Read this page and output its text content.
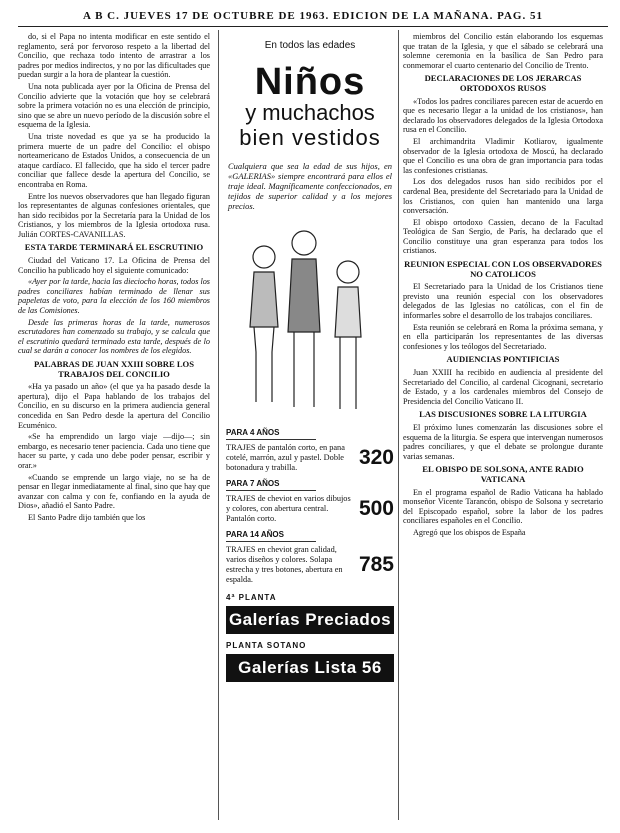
A B C. JUEVES 17 DE OCTUBRE DE 1963. EDICION DE LA MAÑANA. PAG. 51

do, si el Papa no intenta modificar en este sentido el reglamento, será por fervoroso respeto a la libertad del Concilio, que rechaza todo intento de arrastrar a los padres por medios indirectos, y no por las dificultades que puedan surgir a la hora de plantear la cuestión.

Una nota publicada ayer por la Oficina de Prensa del Concilio advierte que la votación que hoy se celebrará sobre la primera votación no es una elección de principio, sino que se abre un nuevo período de la discusión sobre el esquema de la Iglesia.

Una triste novedad es que ya se ha producido la primera muerte de un padre del Concilio: el obispo norteamericano de Estados Unidos, a consecuencia de un ataque cardíaco. El fallecido, que ha sido el tercer padre conciliar que fallece desde la apertura del Concilio, se encontraba en Roma.

Entre los nuevos observadores que han llegado figuran los representantes de algunas confesiones orientales, que han sido recibidos por la Secretaría para la Unidad de los Cristianos, y los miembros de la Iglesia ortodoxa rusa. Julián CORTES-CAVANILLAS.

ESTA TARDE TERMINARÁ EL ESCRUTINIO

Ciudad del Vaticano 17. La Oficina de Prensa del Concilio ha publicado hoy el siguiente comunicado:

«Ayer por la tarde, hacia las dieciocho horas, todos los padres conciliares habían terminado de llenar sus papeletas de voto, para la elección de los 160 miembros de las Comisiones.

Desde las primeras horas de la tarde, numerosos escrutadores han comenzado su trabajo, y se calcula que el escrutinio quedará terminado esta tarde, después de lo cual se darán a conocer los nombres de los elegidos.

PALABRAS DE JUAN XXIII SOBRE LOS TRABAJOS DEL CONCILIO

«Ha ya pasado un año» (el que ya ha pasado desde la apertura), dijo el Papa hablando de los trabajos del Concilio, en su discurso en la primera audiencia general concedida en San Pedro desde la apertura del Concilio Ecuménico.

«Se ha emprendido un largo viaje —dijo—; sin embargo, es necesario tener paciencia. Cada uno tiene que hacer su parte, y cada uno debe poder pensar, escribir y orar.»

«Cuando se emprende un largo viaje, no se ha de pensar en llegar inmediatamente al final, sino que hay que avanzar con calma y con fe, confiando en la ayuda de Dios», añadió el Santo Padre.

El Santo Padre dijo también que los

En todos las edades
Niños
y muchachos
bien vestidos
Cualquiera que sea la edad de sus hijos, en «GALERIAS» siempre encontrará para ellos el traje ideal. Magníficamente confeccionados, en tejidos de superior calidad y a los mejores precios.
PARA 4 AÑOS
TRAJES de pantalón corto, en pana cotelé, marrón, azul y pastel. Doble botonadura y trabilla.	320
PARA 7 AÑOS
TRAJES de cheviot en varios dibujos y colores, con abertura central. Pantalón corto.	500
PARA 14 AÑOS
TRAJES en cheviot gran calidad, varios diseños y colores. Solapa estrecha y tres botones, abertura en espalda.
785
4ª PLANTA
Galerías Preciados
PLANTA SOTANO
Galerías Lista 56

miembros del Concilio están elaborando los esquemas que tratan de la Iglesia, y que el sábado se celebrará una solemne ceremonia en la basílica de San Pedro para conmemorar el cuarto centenario del Concilio de Trento.

DECLARACIONES DE LOS JERARCAS ORTODOXOS RUSOS

«Todos los padres conciliares parecen estar de acuerdo en que es necesario llegar a la unidad de los cristianos», han declarado los observadores delegados de la Iglesia Ortodoxa rusa en el Concilio.

El archimandrita Vladimir Kotliarov, igualmente observador de la Iglesia ortodoxa de Moscú, ha declarado que el Concilio es una obra de gran importancia para todas las confesiones cristianas.

Los dos delegados rusos han sido recibidos por el cardenal Bea, presidente del Secretariado para la Unidad de los Cristianos, con quien han mantenido una larga conversación.

El obispo ortodoxo Cassien, decano de la Facultad Teológica de San Sergio, de París, ha declarado que el Concilio constituye una gran esperanza para todos los cristianos.

REUNION ESPECIAL CON LOS OBSERVADORES NO CATOLICOS

El Secretariado para la Unidad de los Cristianos tiene previsto una reunión especial con los observadores delegados de las Iglesias no católicas, con el fin de informarles sobre el desarrollo de los trabajos conciliares.

Esta reunión se celebrará en Roma la próxima semana, y en ella participarán los representantes de las diversas confesiones y los teólogos del Secretariado.

AUDIENCIAS PONTIFICIAS

Juan XXIII ha recibido en audiencia al presidente del Secretariado del Concilio, al cardenal Cicognani, secretario de Estado, y a los cardenales miembros del Consejo de Presidencia del Concilio Vaticano II.

LAS DISCUSIONES SOBRE LA LITURGIA

El próximo lunes comenzarán las discusiones sobre el esquema de la liturgia. Se espera que intervengan numerosos padres conciliares, y que el debate se prolongue durante varias semanas.

EL OBISPO DE SOLSONA, ANTE RADIO VATICANA

En el programa español de Radio Vaticana ha hablado monseñor Vicente Tarancón, obispo de Solsona y secretario del Episcopado español, sobre la labor de los padres conciliares españoles en el Concilio.

Agregó que los obispos de España
